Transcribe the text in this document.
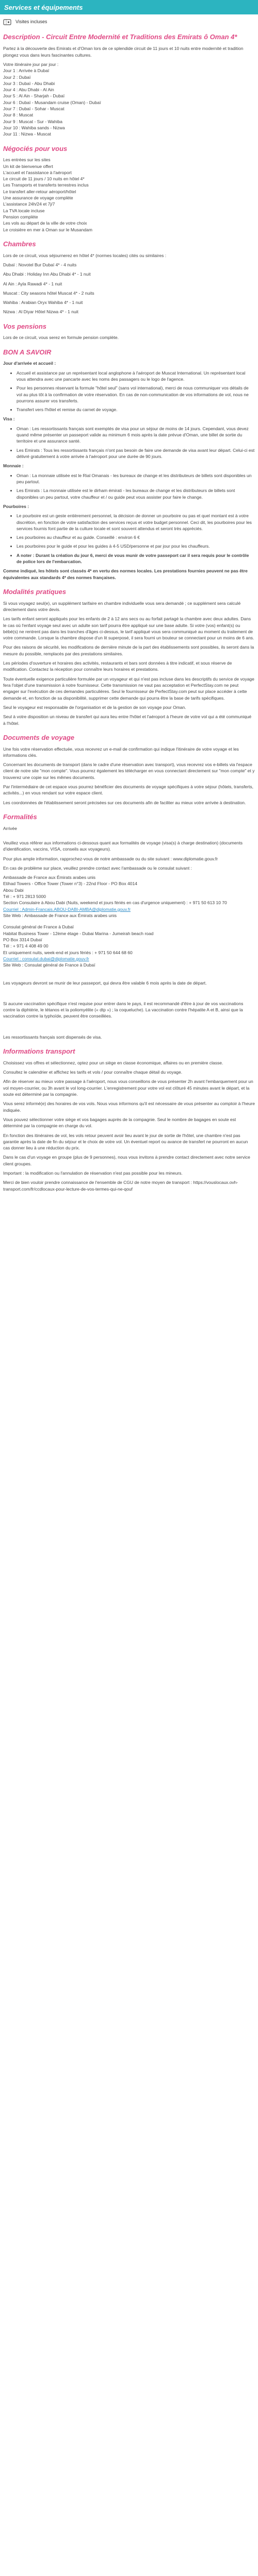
Services et équipements
Visites incluses
Description - Circuit Entre Modernité et Traditions des Emirats ô Oman 4*

Partez à la découverte des Emirats et d'Oman lors de ce splendide circuit de 11 jours et 10 nuits entre modernité et tradition plongez vous dans leurs fascinantes cultures.

Votre itinéraire jour par jour :
Jour 1 : Arrivée à Dubaï
Jour 2 : Dubaï
Jour 3 : Dubaï - Abu Dhabi
Jour 4 : Abu Dhabi - Al Ain
Jour 5 : Al Ain - Sharjah - Dubaï
Jour 6 : Dubaï - Musandam cruise (Oman) - Dubaï
Jour 7 : Dubaï - Sohar - Muscat
Jour 8 : Muscat
Jour 9 : Muscat - Sur - Wahiba
Jour 10 : Wahiba sands - Nizwa
Jour 11 : Nizwa - Muscat
Négociés pour vous
Les entrées sur les sites
Un kit de bienvenue offert
L'accueil et l'assistance à l'aéroport
Le circuit de 11 jours / 10 nuits en hôtel 4*
Les Transports et transferts terrestres inclus
Le transfert aller-retour aéroport/hôtel
Une assurance de voyage complète
L'assistance 24h/24 et 7j/7
La TVA locale incluse
Pension complète
Les vols au départ de la ville de votre choix
Le croisière en mer à Oman sur le Musandam
Chambres

Lors de ce circuit, vous séjournerez en hôtel 4* (normes locales) cités ou similaires :

Dubaï : Novotel Bur Dubaï 4* - 4 nuits

Abu Dhabi : Holiday Inn Abu Dhabi 4* - 1 nuit

Al Ain : Ayla Rawadi 4* - 1 nuit

Muscat : City seasons hôtel Muscat 4* - 2 nuits

Wahiba : Arabian Oryx Wahiba 4* - 1 nuit

Nizwa : Al Diyar Hôtel Nizwa 4* - 1 nuit

Vos pensions

Lors de ce circuit, vous serez en formule pension complète.

BON A SAVOIR

Jour d'arrivée et accueil :

• Accueil et assistance par un représentant local anglophone à l'aéroport de Muscat International. Un représentant local vous attendra avec une pancarte avec les noms des passagers ou le logo de l'agence.
• Pour les personnes réservant la formule "hôtel seul" (sans vol international), merci de nous communiquer vos détails de vol au plus tôt à la confirmation de votre réservation. En cas de non-communication de vos informations de vol, nous ne pourrons assurer vos transferts.
• Transfert vers l'hôtel et remise du carnet de voyage.

Visa :

• Oman : Les ressortissants français sont exemptés de visa pour un séjour de moins de 14 jours. Cependant, vous devez quand même présenter un passeport valide au minimum 6 mois après la date prévue d'Oman, une billet de sortie du territoire et une assurance santé.
• Les Emirats : Tous les ressortissants français n'ont pas besoin de faire une demande de visa avant leur départ. Celui-ci est délivré gratuitement à votre arrivée à l'aéroport pour une durée de 90 jours.

Monnaie :

• Oman : La monnaie utilisée est le Rial Omanais - les bureaux de change et les distributeurs de billets sont disponibles un peu partout.
• Les Emirats : La monnaie utilisée est le dirham émirati - les bureaux de change et les distributeurs de billets sont disponibles un peu partout, votre chauffeur et / ou guide peut vous assister pour faire le change.

Pourboires :

• Le pourboire est un geste entièrement personnel, la décision de donner un pourboire ou pas et quel montant est à votre discrétion, en fonction de votre satisfaction des services reçus et votre budget personnel. Ceci dit, les pourboires pour les services fournis font partie de la culture locale et sont souvent attendus et seront très appréciés.
• Les pourboires au chauffeur et au guide. Conseillé : environ 6 €
• Les pourboires pour le guide et pour les guides à 4-5 USD/personne et par jour pour les chauffeurs.
• A noter : Durant la création du jour 6, merci de vous munir de votre passeport car il sera requis pour le contrôle de police lors de l'embarcation.

Comme indiqué, les hôtels sont classés 4* en vertu des normes locales. Les prestations fournies peuvent ne pas être équivalentes aux standards 4* des normes françaises.

Modalités pratiques

Si vous voyagez seul(e), un supplément tarifaire en chambre individuelle vous sera demandé ; ce supplément sera calculé directement dans votre devis.

Les tarifs enfant seront appliqués pour les enfants de 2 à 12 ans secs ou au forfait partagé la chambre avec deux adultes. Dans le cas où l'enfant voyage seul avec un adulte son tarif pourra être appliqué sur une base adulte. Si votre (vos) enfant(s) ou bébé(s) ne rentrent pas dans les tranches d'âges ci-dessus, le tarif appliqué vous sera communiqué au moment du traitement de votre commande. Lorsque la chambre dispose d'un lit superposé, il sera fourni un bouteur se connectant pour un moins de 6 ans.

Pour des raisons de sécurité, les modifications de dernière minute de la part des établissements sont possibles, ils seront dans la mesure du possible, remplacés par des prestations similaires.

Les périodes d'ouverture et horaires des activités, restaurants et bars sont données à titre indicatif, et sous réserve de modification. Contactez la réception pour connaître leurs horaires et prestations.

Toute éventuelle exigence particulière formulée par un voyageur et qui n'est pas incluse dans les descriptifs du service de voyage fera l'objet d'une transmission à notre fournisseur. Cette transmission ne vaut pas acceptation et PerfectStay.com ne peut engager sur l'exécution de ces demandes particulières. Seul le fournisseur de PerfectStay.com peut sur place accéder à cette demande et, en fonction de sa disponibilité, supprimer cette demande qui pourra être la base de tarifs spécifiques.

Seul le voyageur est responsable de l'organisation et de la gestion de son voyage pour Oman.

Seul à votre disposition un niveau de transfert qui aura lieu entre l'hôtel et l'aéroport à l'heure de votre vol qui a été communiqué à l'hôtel.

Documents de voyage

Une fois votre réservation effectuée, vous recevrez un e-mail de confirmation qui indique l'itinéraire de votre voyage et les informations clés.

Concernant les documents de transport (dans le cadre d'une réservation avec transport), vous recevrez vos e-billets via l'espace client de notre site "mon compte". Vous pourrez également les télécharger en vous connectant directement sur "mon compte" et y trouverez une copie sur les mêmes documents.

Par l'intermédiaire de cet espace vous pourrez bénéficier des documents de voyage spécifiques à votre séjour (hôtels, transferts, activités...) en vous rendant sur votre espace client.

Les coordonnées de l'établissement seront précisées sur ces documents afin de faciliter au mieux votre arrivée à destination.

Formalités

Arrivée

Veuillez vous référer aux informations ci-dessous quant aux formalités de voyage (visa(s) à charge destination) (documents d'identification, vaccins, VISA, conseils aux voyageurs).

Pour plus ample information, rapprochez-vous de notre ambassade ou du site suivant : www.diplomatie.gouv.fr

En cas de problème sur place, veuillez prendre contact avec l'ambassade ou le consulat suivant :

Ambassade de France aux Émirats arabes unis
Etihad Towers - Office Tower (Tower n°3) - 22nd Floor - PO Box 4014
Abou Dabi
Tél : + 971 2813 5000
Section Consulaire à Abou Dabi (Nuits, weekend et jours fériés en cas d'urgence uniquement) : + 971 50 613 10 70
Courriel : Admin-Francais.ABOU-DABI-AMBA@diplomatie.gouv.fr
Site Web : Ambassade de France aux Émirats arabes unis
Consulat général de France à Dubaï
Habitat Business Tower - 12ème étage - Dubai Marina - Jumeirah beach road
PO Box 3314 Dubaï
Tél : + 971 4 408 49 00
Et uniquement nuits, week-end et jours fériés : + 971 50 644 68 60
Courriel : consulat.dubai@diplomatie.gouv.fr
Site Web : Consulat général de France à Dubaï

Les voyageurs devront se munir de leur passeport, qui devra être valable 6 mois après la date de départ.

Si aucune vaccination spécifique n'est requise pour entrer dans le pays, il est recommandé d'être à jour de vos vaccinations contre la diphtérie, le tétanos et la poliomyélite (« dtp ») ; la coqueluche). La vaccination contre l'hépatite A et B, ainsi que la vaccination contre la typhoïde, peuvent être conseillées.

Les ressortissants français sont dispensés de visa.

Informations transport

Choisissez vos offres et sélectionnez, optez pour un siège en classe économique, affaires ou en première classe.

Consultez le calendrier et affichez les tarifs et vols / pour connaître chaque détail du voyage.

Afin de réserver au mieux votre passage à l'aéroport, nous vous conseillons de vous présenter 2h avant l'embarquement pour un vol moyen-courrier, ou 3h avant le vol long-courrier. L'enregistrement pour votre vol est clôturé 45 minutes avant le départ, et la soute est déterminé par la compagnie.

Vous serez informé(e) des horaires de vos vols. Nous vous informons qu'il est nécessaire de vous présenter au comptoir à l'heure indiquée.

Vous pouvez sélectionner votre siège et vos bagages auprès de la compagnie. Seul le nombre de bagages en soute est déterminé par la compagnie en charge du vol.

En fonction des itinéraires de vol, les vols retour peuvent avoir lieu avant le jour de sortie de l'hôtel, une chambre n'est pas garantie après la date de fin du séjour et le choix de votre vol. Un éventuel report ou avance de transfert ne pourront en aucun cas donner lieu à une réduction du prix.

Dans le cas d'un voyage en groupe (plus de 9 personnes), nous vous invitons à prendre contact directement avec notre service client groupes.

Important : la modification ou l'annulation de réservation n'est pas possible pour les mineurs.

Merci de bien vouloir prendre connaissance de l'ensemble de CGU de notre moyen de transport : https://vouslocaux.ovh-transport.com/fr/ccdlocaux-pour-lecture-de-vos-termes-qui-ne-qouf
